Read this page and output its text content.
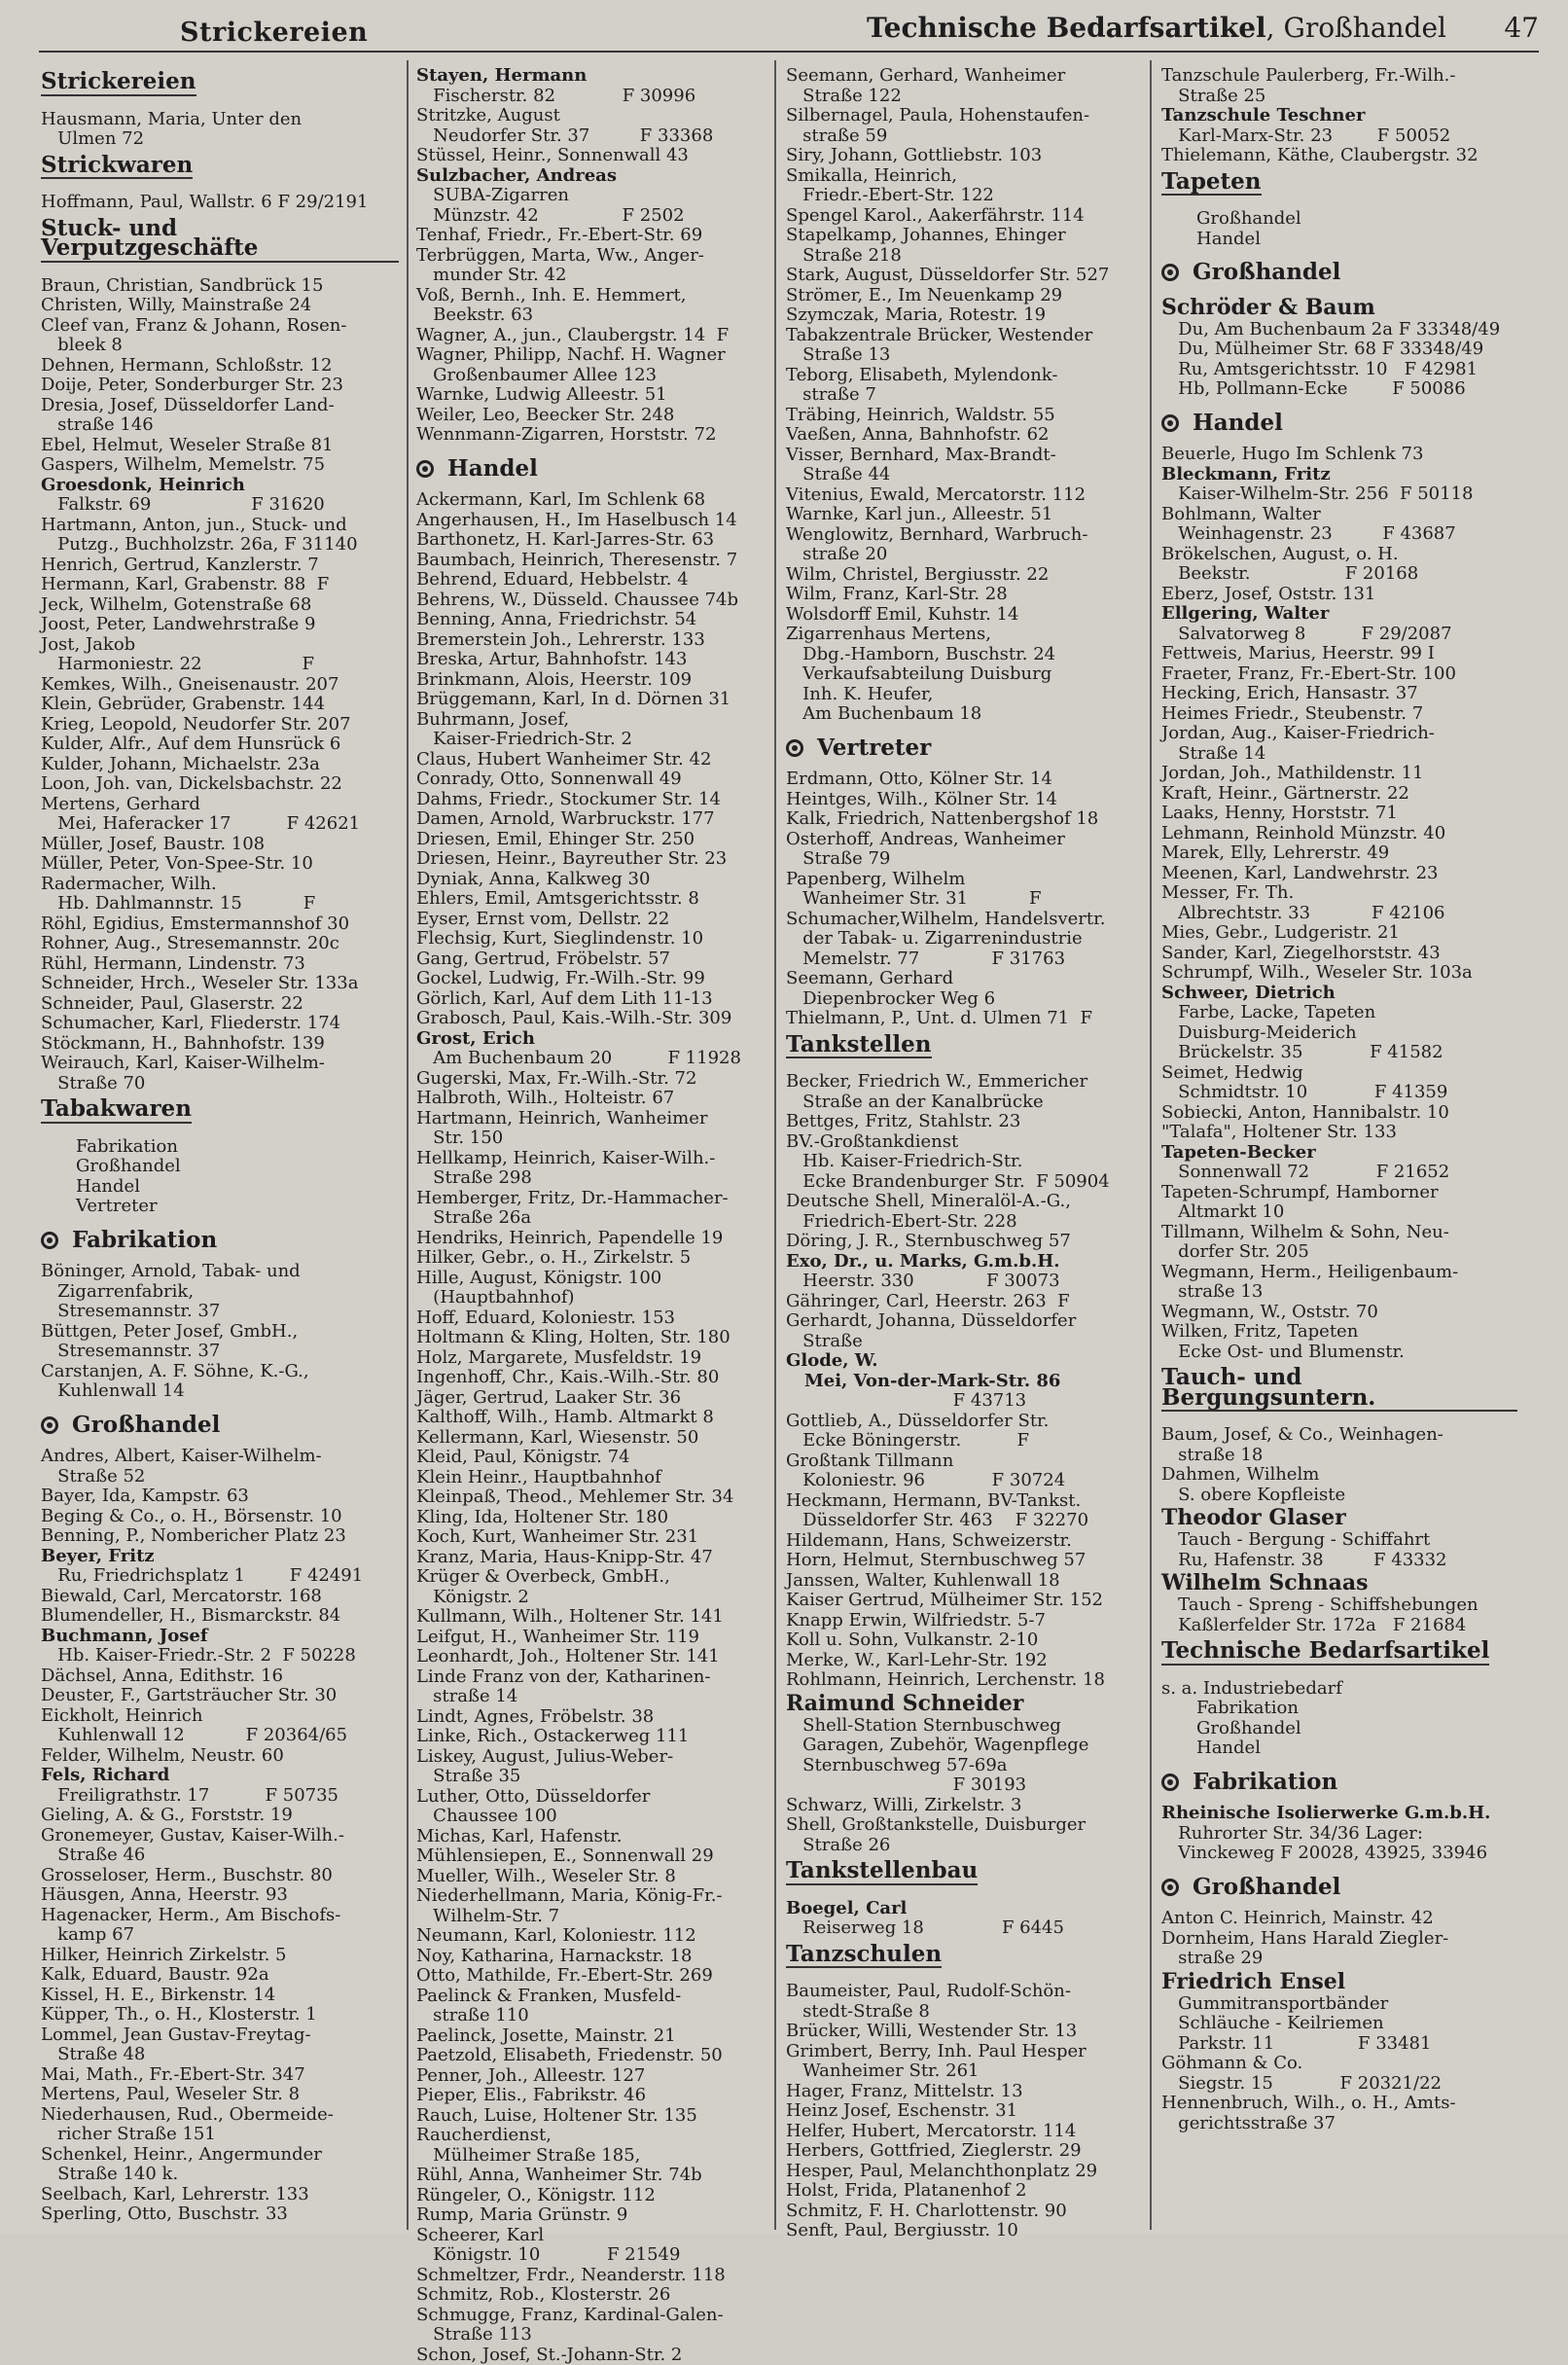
Strickereien	Technische Bedarfsartikel, Großhandel 47
Strickereien
Hausmann, Maria, Unter den
Ulmen 72
Strickwaren
Hoffmann, Paul, Wallstr. 6 F 29/2191
Stuck- und Verputzgeschäfte
Braun, Christian, Sandbrück 15
Christen, Willy, Mainstraße 24
Cleef van, Franz & Johann, Rosen-
bleek 8
Dehnen, Hermann, Schloßstr. 12
Doije, Peter, Sonderburger Str. 23
Dresia, Josef, Düsseldorfer Land-
straße 146
Ebel, Helmut, Weseler Straße 81
Gaspers, Wilhelm, Memelstr. 75
Groesdonk, Heinrich
Falkstr. 69                  F 31620
Hartmann, Anton, jun., Stuck- und
Putzg., Buchholzstr. 26a, F 31140
Henrich, Gertrud, Kanzlerstr. 7
Hermann, Karl, Grabenstr. 88  F
Jeck, Wilhelm, Gotenstraße 68
Joost, Peter, Landwehrstraße 9
Jost, Jakob
Harmoniestr. 22                  F
Kemkes, Wilh., Gneisenaustr. 207
Klein, Gebrüder, Grabenstr. 144
Krieg, Leopold, Neudorfer Str. 207
Kulder, Alfr., Auf dem Hunsrück 6
Kulder, Johann, Michaelstr. 23a
Loon, Joh. van, Dickelsbachstr. 22
Mertens, Gerhard
Mei, Haferacker 17          F 42621
Müller, Josef, Baustr. 108
Müller, Peter, Von-Spee-Str. 10
Radermacher, Wilh.
Hb. Dahlmannstr. 15           F
Röhl, Egidius, Emstermannshof 30
Rohner, Aug., Stresemannstr. 20c
Rühl, Hermann, Lindenstr. 73
Schneider, Hrch., Weseler Str. 133a
Schneider, Paul, Glaserstr. 22
Schumacher, Karl, Fliederstr. 174
Stöckmann, H., Bahnhofstr. 139
Weirauch, Karl, Kaiser-Wilhelm-
Straße 70
Tabakwaren
Fabrikation
Großhandel
Handel
Vertreter
Fabrikation
Böninger, Arnold, Tabak- und
Zigarrenfabrik,
Stresemannstr. 37
Büttgen, Peter Josef, GmbH.,
Stresemannstr. 37
Carstanjen, A. F. Söhne, K.-G.,
Kuhlenwall 14
Großhandel
Andres, Albert, Kaiser-Wilhelm-
Straße 52
Bayer, Ida, Kampstr. 63
Beging & Co., o. H., Börsenstr. 10
Benning, P., Nombericher Platz 23
Beyer, Fritz
Ru, Friedrichsplatz 1        F 42491
Biewald, Carl, Mercatorstr. 168
Blumendeller, H., Bismarckstr. 84
Buchmann, Josef
Hb. Kaiser-Friedr.-Str. 2  F 50228
Dächsel, Anna, Edithstr. 16
Deuster, F., Gartsträucher Str. 30
Eickholt, Heinrich
Kuhlenwall 12           F 20364/65
Felder, Wilhelm, Neustr. 60
Fels, Richard
Freiligrathstr. 17          F 50735
Gieling, A. & G., Forststr. 19
Gronemeyer, Gustav, Kaiser-Wilh.-
Straße 46
Grosseloser, Herm., Buschstr. 80
Häusgen, Anna, Heerstr. 93
Hagenacker, Herm., Am Bischofs-
kamp 67
Hilker, Heinrich Zirkelstr. 5
Kalk, Eduard, Baustr. 92a
Kissel, H. E., Birkenstr. 14
Küpper, Th., o. H., Klosterstr. 1
Lommel, Jean Gustav-Freytag-
Straße 48
Mai, Math., Fr.-Ebert-Str. 347
Mertens, Paul, Weseler Str. 8
Niederhausen, Rud., Obermeide-
richer Straße 151
Schenkel, Heinr., Angermunder
Straße 140 k.
Seelbach, Karl, Lehrerstr. 133
Sperling, Otto, Buschstr. 33
Stayen, Hermann
Fischerstr. 82            F 30996
Stritzke, August
Neudorfer Str. 37         F 33368
Stüssel, Heinr., Sonnenwall 43
Sulzbacher, Andreas
SUBA-Zigarren
Münzstr. 42               F 2502
Tenhaf, Friedr., Fr.-Ebert-Str. 69
Terbrüggen, Marta, Ww., Anger-
munder Str. 42
Voß, Bernh., Inh. E. Hemmert,
Beekstr. 63
Wagner, A., jun., Claubergstr. 14  F
Wagner, Philipp, Nachf. H. Wagner
Großenbaumer Allee 123
Warnke, Ludwig Alleestr. 51
Weiler, Leo, Beecker Str. 248
Wennmann-Zigarren, Horststr. 72
Handel
Ackermann, Karl, Im Schlenk 68
Angerhausen, H., Im Haselbusch 14
Barthonetz, H. Karl-Jarres-Str. 63
Baumbach, Heinrich, Theresenstr. 7
Behrend, Eduard, Hebbelstr. 4
Behrens, W., Düsseld. Chaussee 74b
Benning, Anna, Friedrichstr. 54
Bremerstein Joh., Lehrerstr. 133
Breska, Artur, Bahnhofstr. 143
Brinkmann, Alois, Heerstr. 109
Brüggemann, Karl, In d. Dörnen 31
Buhrmann, Josef,
Kaiser-Friedrich-Str. 2
Claus, Hubert Wanheimer Str. 42
Conrady, Otto, Sonnenwall 49
Dahms, Friedr., Stockumer Str. 14
Damen, Arnold, Warbruckstr. 177
Driesen, Emil, Ehinger Str. 250
Driesen, Heinr., Bayreuther Str. 23
Dyniak, Anna, Kalkweg 30
Ehlers, Emil, Amtsgerichtsstr. 8
Eyser, Ernst vom, Dellstr. 22
Flechsig, Kurt, Sieglindenstr. 10
Gang, Gertrud, Fröbelstr. 57
Gockel, Ludwig, Fr.-Wilh.-Str. 99
Görlich, Karl, Auf dem Lith 11-13
Grabosch, Paul, Kais.-Wilh.-Str. 309
Grost, Erich
Am Buchenbaum 20          F 11928
Gugerski, Max, Fr.-Wilh.-Str. 72
Halbroth, Wilh., Holteistr. 67
Hartmann, Heinrich, Wanheimer
Str. 150
Hellkamp, Heinrich, Kaiser-Wilh.-
Straße 298
Hemberger, Fritz, Dr.-Hammacher-
Straße 26a
Hendriks, Heinrich, Papendelle 19
Hilker, Gebr., o. H., Zirkelstr. 5
Hille, August, Königstr. 100
(Hauptbahnhof)
Hoff, Eduard, Koloniestr. 153
Holtmann & Kling, Holten, Str. 180
Holz, Margarete, Musfeldstr. 19
Ingenhoff, Chr., Kais.-Wilh.-Str. 80
Jäger, Gertrud, Laaker Str. 36
Kalthoff, Wilh., Hamb. Altmarkt 8
Kellermann, Karl, Wiesenstr. 50
Kleid, Paul, Königstr. 74
Klein Heinr., Hauptbahnhof
Kleinpaß, Theod., Mehlemer Str. 34
Kling, Ida, Holtener Str. 180
Koch, Kurt, Wanheimer Str. 231
Kranz, Maria, Haus-Knipp-Str. 47
Krüger & Overbeck, GmbH.,
Königstr. 2
Kullmann, Wilh., Holtener Str. 141
Leifgut, H., Wanheimer Str. 119
Leonhardt, Joh., Holtener Str. 141
Linde Franz von der, Katharinen-
straße 14
Lindt, Agnes, Fröbelstr. 38
Linke, Rich., Ostackerweg 111
Liskey, August, Julius-Weber-
Straße 35
Luther, Otto, Düsseldorfer
Chaussee 100
Michas, Karl, Hafenstr.
Mühlensiepen, E., Sonnenwall 29
Mueller, Wilh., Weseler Str. 8
Niederhellmann, Maria, König-Fr.-
Wilhelm-Str. 7
Neumann, Karl, Koloniestr. 112
Noy, Katharina, Harnackstr. 18
Otto, Mathilde, Fr.-Ebert-Str. 269
Paelinck & Franken, Musfeld-
straße 110
Paelinck, Josette, Mainstr. 21
Paetzold, Elisabeth, Friedenstr. 50
Penner, Joh., Alleestr. 127
Pieper, Elis., Fabrikstr. 46
Rauch, Luise, Holtener Str. 135
Raucherdienst,
Mülheimer Straße 185,
Rühl, Anna, Wanheimer Str. 74b
Rüngeler, O., Königstr. 112
Rump, Maria Grünstr. 9
Scheerer, Karl
Königstr. 10            F 21549
Schmeltzer, Frdr., Neanderstr. 118
Schmitz, Rob., Klosterstr. 26
Schmugge, Franz, Kardinal-Galen-
Straße 113
Schon, Josef, St.-Johann-Str. 2
Seemann, Gerhard, Wanheimer
Straße 122
Silbernagel, Paula, Hohenstaufen-
straße 59
Siry, Johann, Gottliebstr. 103
Smikalla, Heinrich,
Friedr.-Ebert-Str. 122
Spengel Karol., Aakerfährstr. 114
Stapelkamp, Johannes, Ehinger
Straße 218
Stark, August, Düsseldorfer Str. 527
Strömer, E., Im Neuenkamp 29
Szymczak, Maria, Rotestr. 19
Tabakzentrale Brücker, Westender
Straße 13
Teborg, Elisabeth, Mylendonk-
straße 7
Träbing, Heinrich, Waldstr. 55
Vaeßen, Anna, Bahnhofstr. 62
Visser, Bernhard, Max-Brandt-
Straße 44
Vitenius, Ewald, Mercatorstr. 112
Warnke, Karl jun., Alleestr. 51
Wenglowitz, Bernhard, Warbruch-
straße 20
Wilm, Christel, Bergiusstr. 22
Wilm, Franz, Karl-Str. 28
Wolsdorff Emil, Kuhstr. 14
Zigarrenhaus Mertens,
Dbg.-Hamborn, Buschstr. 24
Verkaufsabteilung Duisburg
Inh. K. Heufer,
Am Buchenbaum 18
Vertreter
Erdmann, Otto, Kölner Str. 14
Heintges, Wilh., Kölner Str. 14
Kalk, Friedrich, Nattenbergshof 18
Osterhoff, Andreas, Wanheimer
Straße 79
Papenberg, Wilhelm
Wanheimer Str. 31           F
Schumacher,Wilhelm, Handelsvertr.
der Tabak- u. Zigarrenindustrie
Memelstr. 77             F 31763
Seemann, Gerhard
Diepenbrocker Weg 6
Thielmann, P., Unt. d. Ulmen 71  F
Tankstellen
Becker, Friedrich W., Emmericher
Straße an der Kanalbrücke
Bettges, Fritz, Stahlstr. 23
BV.-Großtankdienst
Hb. Kaiser-Friedrich-Str.
Ecke Brandenburger Str.  F 50904
Deutsche Shell, Mineralöl-A.-G.,
Friedrich-Ebert-Str. 228
Döring, J. R., Sternbuschweg 57
Exo, Dr., u. Marks, G.m.b.H.
Heerstr. 330             F 30073
Gähringer, Carl, Heerstr. 263  F
Gerhardt, Johanna, Düsseldorfer
Straße
Glode, W.
Mei, Von-der-Mark-Str. 86
F 43713
Gottlieb, A., Düsseldorfer Str.
Ecke Böningerstr.          F
Großtank Tillmann
Koloniestr. 96            F 30724
Heckmann, Hermann, BV-Tankst.
Düsseldorfer Str. 463    F 32270
Hildemann, Hans, Schweizerstr.
Horn, Helmut, Sternbuschweg 57
Janssen, Walter, Kuhlenwall 18
Kaiser Gertrud, Mülheimer Str. 152
Knapp Erwin, Wilfriedstr. 5-7
Koll u. Sohn, Vulkanstr. 2-10
Merke, W., Karl-Lehr-Str. 192
Rohlmann, Heinrich, Lerchenstr. 18
Raimund Schneider
Shell-Station Sternbuschweg
Garagen, Zubehör, Wagenpflege
Sternbuschweg 57-69a
F 30193
Schwarz, Willi, Zirkelstr. 3
Shell, Großtankstelle, Duisburger
Straße 26
Tankstellenbau
Boegel, Carl
Reiserweg 18              F 6445
Tanzschulen
Baumeister, Paul, Rudolf-Schön-
stedt-Straße 8
Brücker, Willi, Westender Str. 13
Grimbert, Berry, Inh. Paul Hesper
Wanheimer Str. 261
Hager, Franz, Mittelstr. 13
Heinz Josef, Eschenstr. 31
Helfer, Hubert, Mercatorstr. 114
Herbers, Gottfried, Zieglerstr. 29
Hesper, Paul, Melanchthonplatz 29
Holst, Frida, Platanenhof 2
Schmitz, F. H. Charlottenstr. 90
Senft, Paul, Bergiusstr. 10
Tanzschule Paulerberg, Fr.-Wilh.-
Straße 25
Tanzschule Teschner
Karl-Marx-Str. 23        F 50052
Thielemann, Käthe, Claubergstr. 32
Tapeten
Großhandel
Handel
Großhandel
Schröder & Baum
Du, Am Buchenbaum 2a F 33348/49
Du, Mülheimer Str. 68 F 33348/49
Ru, Amtsgerichtsstr. 10   F 42981
Hb, Pollmann-Ecke        F 50086
Handel
Beuerle, Hugo Im Schlenk 73
Bleckmann, Fritz
Kaiser-Wilhelm-Str. 256  F 50118
Bohlmann, Walter
Weinhagenstr. 23         F 43687
Brökelschen, August, o. H.
Beekstr.                 F 20168
Eberz, Josef, Oststr. 131
Ellgering, Walter
Salvatorweg 8          F 29/2087
Fettweis, Marius, Heerstr. 99 I
Fraeter, Franz, Fr.-Ebert-Str. 100
Hecking, Erich, Hansastr. 37
Heimes Friedr., Steubenstr. 7
Jordan, Aug., Kaiser-Friedrich-
Straße 14
Jordan, Joh., Mathildenstr. 11
Kraft, Heinr., Gärtnerstr. 22
Laaks, Henny, Horststr. 71
Lehmann, Reinhold Münzstr. 40
Marek, Elly, Lehrerstr. 49
Meenen, Karl, Landwehrstr. 23
Messer, Fr. Th.
Albrechtstr. 33           F 42106
Mies, Gebr., Ludgeristr. 21
Sander, Karl, Ziegelhorststr. 43
Schrumpf, Wilh., Weseler Str. 103a
Schweer, Dietrich
Farbe, Lacke, Tapeten
Duisburg-Meiderich
Brückelstr. 35            F 41582
Seimet, Hedwig
Schmidtstr. 10            F 41359
Sobiecki, Anton, Hannibalstr. 10
"Talafa", Holtener Str. 133
Tapeten-Becker
Sonnenwall 72            F 21652
Tapeten-Schrumpf, Hamborner
Altmarkt 10
Tillmann, Wilhelm & Sohn, Neu-
dorfer Str. 205
Wegmann, Herm., Heiligenbaum-
straße 13
Wegmann, W., Oststr. 70
Wilken, Fritz, Tapeten
Ecke Ost- und Blumenstr.
Tauch- und Bergungsuntern.
Baum, Josef, & Co., Weinhagen-
straße 18
Dahmen, Wilhelm
S. obere Kopfleiste
Theodor Glaser
Tauch - Bergung - Schiffahrt
Ru, Hafenstr. 38         F 43332
Wilhelm Schnaas
Tauch - Spreng - Schiffshebungen
Kaßlerfelder Str. 172a   F 21684
Technische Bedarfsartikel
s. a. Industriebedarf
Fabrikation
Großhandel
Handel
Fabrikation
Rheinische Isolierwerke G.m.b.H.
Ruhrorter Str. 34/36 Lager:
Vinckeweg F 20028, 43925, 33946
Großhandel
Anton C. Heinrich, Mainstr. 42
Dornheim, Hans Harald Ziegler-
straße 29
Friedrich Ensel
Gummitransportbänder
Schläuche - Keilriemen
Parkstr. 11               F 33481
Göhmann & Co.
Siegstr. 15            F 20321/22
Hennenbruch, Wilh., o. H., Amts-
gerichtsstraße 37
